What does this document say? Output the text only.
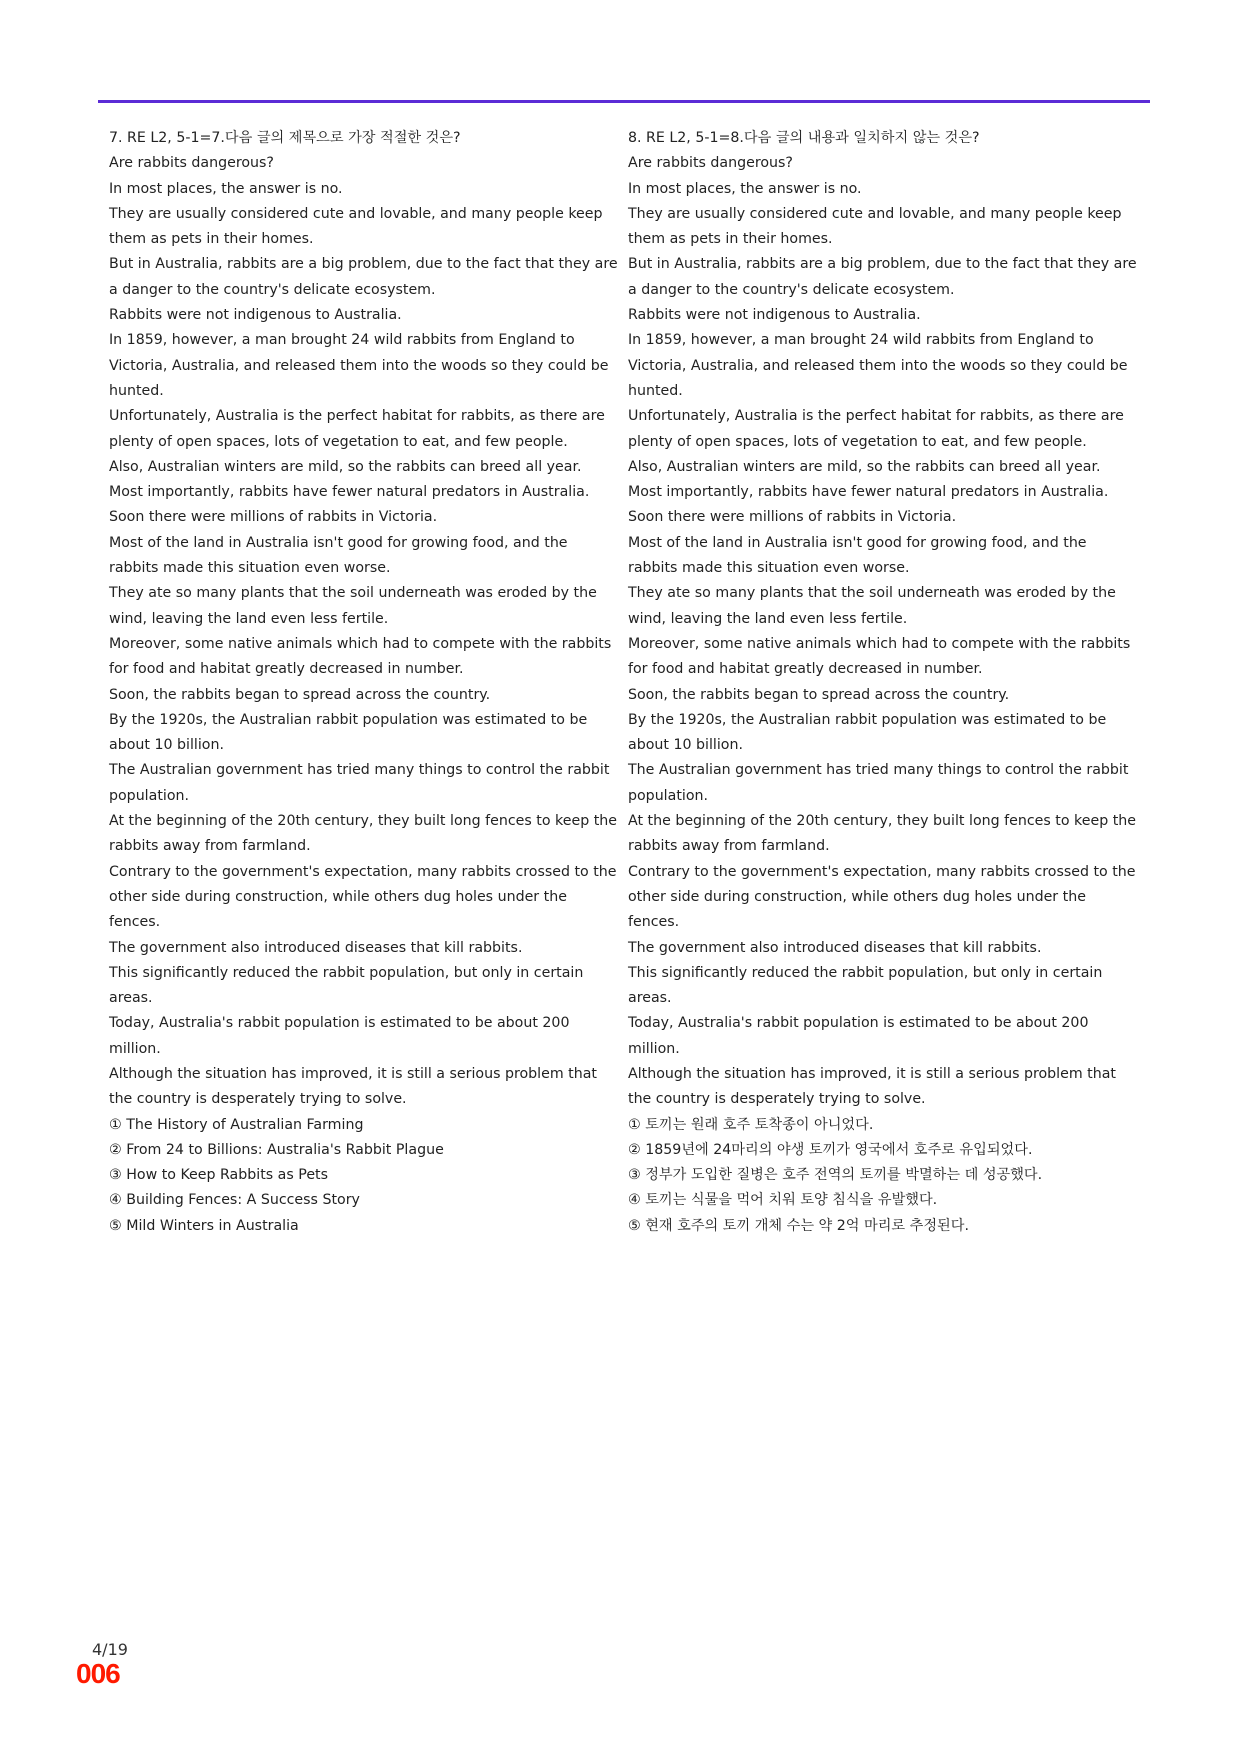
7. RE L2, 5-1=7.다음 글의 제목으로 가장 적절한 것은?

Are rabbits dangerous?

In most places, the answer is no.

They are usually considered cute and lovable, and many people keep them as pets in their homes.

But in Australia, rabbits are a big problem, due to the fact that they are a danger to the country's delicate ecosystem.

Rabbits were not indigenous to Australia.

In 1859, however, a man brought 24 wild rabbits from England to Victoria, Australia, and released them into the woods so they could be hunted.

Unfortunately, Australia is the perfect habitat for rabbits, as there are plenty of open spaces, lots of vegetation to eat, and few people.

Also, Australian winters are mild, so the rabbits can breed all year.

Most importantly, rabbits have fewer natural predators in Australia.

Soon there were millions of rabbits in Victoria.

Most of the land in Australia isn't good for growing food, and the rabbits made this situation even worse.

They ate so many plants that the soil underneath was eroded by the wind, leaving the land even less fertile.

Moreover, some native animals which had to compete with the rabbits for food and habitat greatly decreased in number.

Soon, the rabbits began to spread across the country.

By the 1920s, the Australian rabbit population was estimated to be about 10 billion.

The Australian government has tried many things to control the rabbit population.

At the beginning of the 20th century, they built long fences to keep the rabbits away from farmland.

Contrary to the government's expectation, many rabbits crossed to the other side during construction, while others dug holes under the fences.

The government also introduced diseases that kill rabbits.

This significantly reduced the rabbit population, but only in certain areas.

Today, Australia's rabbit population is estimated to be about 200 million.

Although the situation has improved, it is still a serious problem that the country is desperately trying to solve.

① The History of Australian Farming

② From 24 to Billions: Australia's Rabbit Plague

③ How to Keep Rabbits as Pets

④ Building Fences: A Success Story

⑤ Mild Winters in Australia

8. RE L2, 5-1=8.다음 글의 내용과 일치하지 않는 것은?

Are rabbits dangerous?

In most places, the answer is no.

They are usually considered cute and lovable, and many people keep them as pets in their homes.

But in Australia, rabbits are a big problem, due to the fact that they are a danger to the country's delicate ecosystem.

Rabbits were not indigenous to Australia.

In 1859, however, a man brought 24 wild rabbits from England to Victoria, Australia, and released them into the woods so they could be hunted.

Unfortunately, Australia is the perfect habitat for rabbits, as there are plenty of open spaces, lots of vegetation to eat, and few people.

Also, Australian winters are mild, so the rabbits can breed all year.

Most importantly, rabbits have fewer natural predators in Australia.

Soon there were millions of rabbits in Victoria.

Most of the land in Australia isn't good for growing food, and the rabbits made this situation even worse.

They ate so many plants that the soil underneath was eroded by the wind, leaving the land even less fertile.

Moreover, some native animals which had to compete with the rabbits for food and habitat greatly decreased in number.

Soon, the rabbits began to spread across the country.

By the 1920s, the Australian rabbit population was estimated to be about 10 billion.

The Australian government has tried many things to control the rabbit population.

At the beginning of the 20th century, they built long fences to keep the rabbits away from farmland.

Contrary to the government's expectation, many rabbits crossed to the other side during construction, while others dug holes under the fences.

The government also introduced diseases that kill rabbits.

This significantly reduced the rabbit population, but only in certain areas.

Today, Australia's rabbit population is estimated to be about 200 million.

Although the situation has improved, it is still a serious problem that the country is desperately trying to solve.

① 토끼는 원래 호주 토착종이 아니었다.

② 1859년에 24마리의 야생 토끼가 영국에서 호주로 유입되었다.

③ 정부가 도입한 질병은 호주 전역의 토끼를 박멸하는 데 성공했다.

④ 토끼는 식물을 먹어 치워 토양 침식을 유발했다.

⑤ 현재 호주의 토끼 개체 수는 약 2억 마리로 추정된다.

4/19
006
